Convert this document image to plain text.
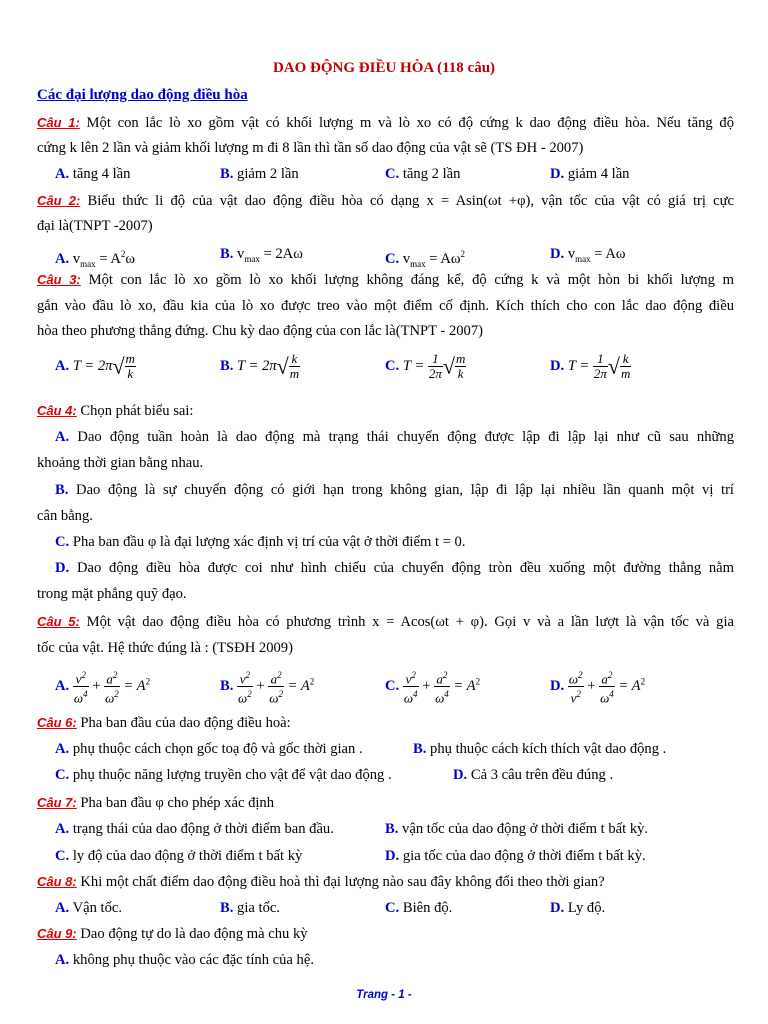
DAO ĐỘNG ĐIỀU HÒA (118 câu)
Các đại lượng dao động điều hòa
Câu 1: Một con lắc lò xo gồm vật có khối lượng m và lò xo có độ cứng k dao động điều hòa. Nếu tăng độ
cứng k lên 2 lần và giảm khối lượng m đi 8 lần thì tần số dao động của vật sẽ (TS ĐH - 2007)
A. tăng 4 lần	B. giảm 2 lần	C. tăng 2 lần	D. giảm 4 lần
Câu 2: Biểu thức li độ của vật dao động điều hòa có dạng x = Asin(ωt +φ), vận tốc của vật có giá trị cực
đại là(TNPT -2007)
A. $v_{max} = A^2\omega$	B. $v_{max} = 2A\omega$	C. $v_{max} = A\omega^2$	D. $v_{max} = A\omega$
Câu 3: Một con lắc lò xo gồm lò xo khối lượng không đáng kể, độ cứng k và một hòn bi khối lượng m
gắn vào đầu lò xo, đầu kia của lò xo được treo vào một điểm cố định. Kích thích cho con lắc dao động điều
hòa theo phương thẳng đứng. Chu kỳ dao động của con lắc là(TNPT - 2007)
A. $T = 2\pi√ \frac{m}{k}$	B. $T = 2\pi√ \frac{k}{m}$	C. $T = \frac{1}{2\pi}$ √ $\frac{m}{k}$	D. $T = \frac{1}{2\pi}$ √ $\frac{k}{m}$
Câu 4: Chọn phát biểu sai:
A. Dao động tuần hoàn là dao động mà trạng thái chuyển động được lập đi lập lại như cũ sau những
khoảng thời gian bằng nhau.
B. Dao động là sự chuyển động có giới hạn trong không gian, lập đi lập lại nhiều lần quanh một vị trí
cân bằng.
C. Pha ban đầu φ là đại lượng xác định vị trí của vật ở thời điểm t = 0.
D. Dao động điều hòa được coi như hình chiếu của chuyển động tròn đều xuống một đường thẳng nằm
trong mặt phẳng quỹ đạo.
Câu 5: Một vật dao động điều hòa có phương trình x = Acos(ωt + φ). Gọi v và a lần lượt là vận tốc và gia
tốc của vật. Hệ thức đúng là : (TSĐH 2009)
A. $\frac{v^2}{\omega^4} + \frac{a^2}{\omega^2} = A^2$	B. $\frac{v^2}{\omega^2} + \frac{a^2}{\omega^2} = A^2$	C. $\frac{v^2}{\omega^4} + \frac{a^2}{\omega^4} = A^2$	D. $\frac{\omega^2}{v^2} + \frac{a^2}{\omega^4} = A^2$
Câu 6: Pha ban đầu của dao động điều hoà:
A. phụ thuộc cách chọn gốc toạ độ và gốc thời gian .	B. phụ thuộc cách kích thích vật dao động .
C. phụ thuộc năng lượng truyền cho vật để vật dao động .	D. Cả 3 câu trên đều đúng .
Câu 7: Pha ban đầu φ cho phép xác định
A. trạng thái của dao động ở thời điểm ban đầu.	B. vận tốc của dao động ở thời điểm t bất kỳ.
C. ly độ của dao động ở thời điểm t bất kỳ	D. gia tốc của dao động ở thời điểm t bất kỳ.
Câu 8: Khi một chất điểm dao động điều hoà thì đại lượng nào sau đây không đổi theo thời gian?
A. Vận tốc.	B. gia tốc.	C. Biên độ.	D. Ly độ.
Câu 9: Dao động tự do là dao động mà chu kỳ
A. không phụ thuộc vào các đặc tính của hệ.
Trang - 1 -
